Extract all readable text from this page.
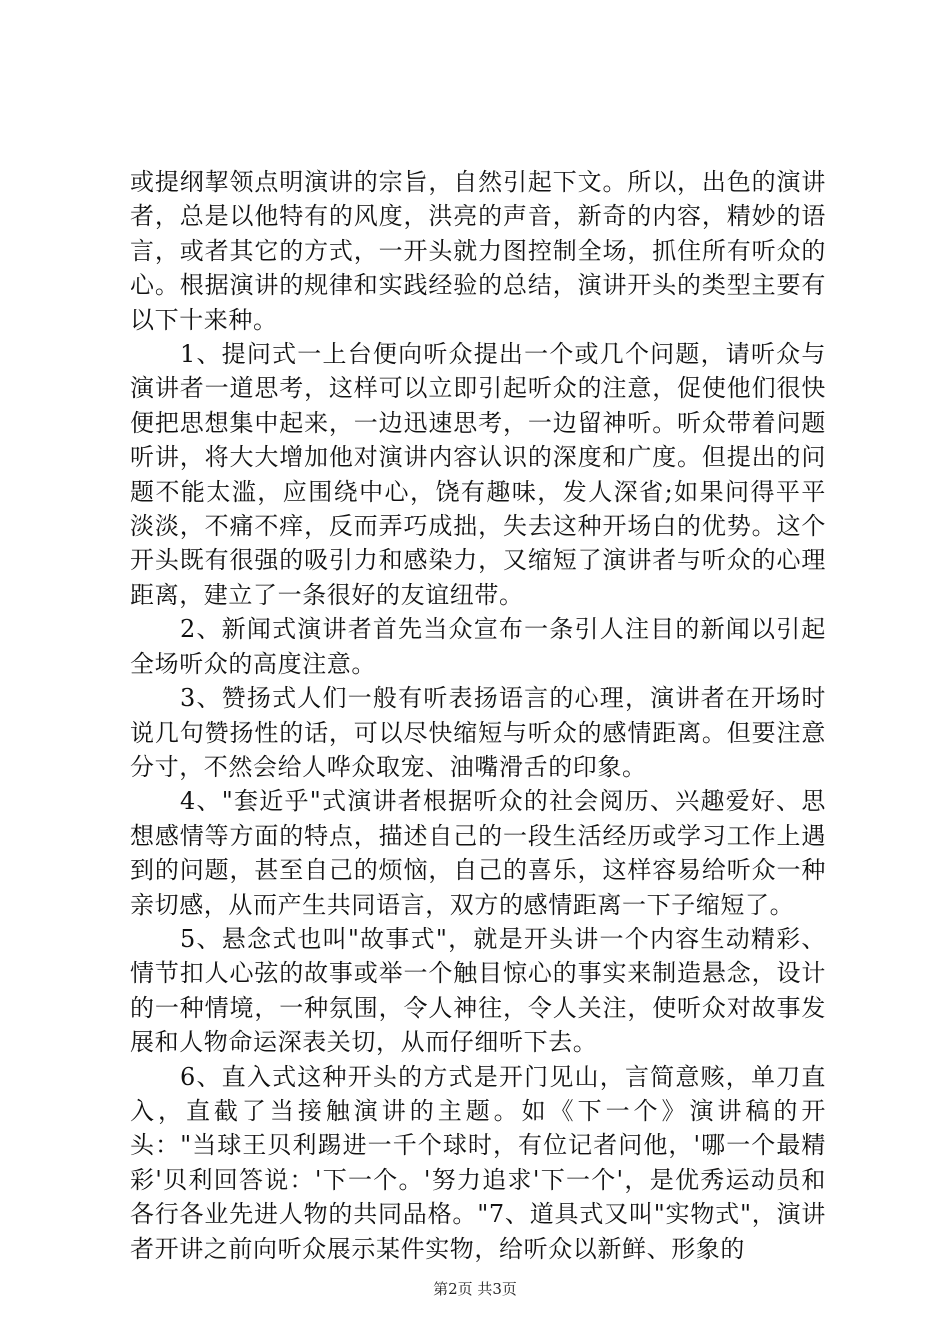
或提纲挈领点明演讲的宗旨，自然引起下文。所以，出色的演讲者，总是以他特有的风度，洪亮的声音，新奇的内容，精妙的语言，或者其它的方式，一开头就力图控制全场，抓住所有听众的心。根据演讲的规律和实践经验的总结，演讲开头的类型主要有以下十来种。

1、提问式一上台便向听众提出一个或几个问题，请听众与演讲者一道思考，这样可以立即引起听众的注意，促使他们很快便把思想集中起来，一边迅速思考，一边留神听。听众带着问题听讲，将大大增加他对演讲内容认识的深度和广度。但提出的问题不能太滥，应围绕中心，饶有趣味，发人深省;如果问得平平淡淡，不痛不痒，反而弄巧成拙，失去这种开场白的优势。这个开头既有很强的吸引力和感染力，又缩短了演讲者与听众的心理距离，建立了一条很好的友谊纽带。

2、新闻式演讲者首先当众宣布一条引人注目的新闻以引起全场听众的高度注意。

3、赞扬式人们一般有听表扬语言的心理，演讲者在开场时说几句赞扬性的话，可以尽快缩短与听众的感情距离。但要注意分寸，不然会给人哗众取宠、油嘴滑舌的印象。

4、"套近乎"式演讲者根据听众的社会阅历、兴趣爱好、思想感情等方面的特点，描述自己的一段生活经历或学习工作上遇到的问题，甚至自己的烦恼，自己的喜乐，这样容易给听众一种亲切感，从而产生共同语言，双方的感情距离一下子缩短了。

5、悬念式也叫"故事式"，就是开头讲一个内容生动精彩、情节扣人心弦的故事或举一个触目惊心的事实来制造悬念，设计的一种情境，一种氛围，令人神往，令人关注，使听众对故事发展和人物命运深表关切，从而仔细听下去。

6、直入式这种开头的方式是开门见山，言简意赅，单刀直入，直截了当接触演讲的主题。如《下一个》演讲稿的开头："当球王贝利踢进一千个球时，有位记者问他，'哪一个最精彩'贝利回答说：'下一个。'努力追求'下一个'，是优秀运动员和各行各业先进人物的共同品格。"7、道具式又叫"实物式"，演讲者开讲之前向听众展示某件实物，给听众以新鲜、形象的

第2页 共3页
